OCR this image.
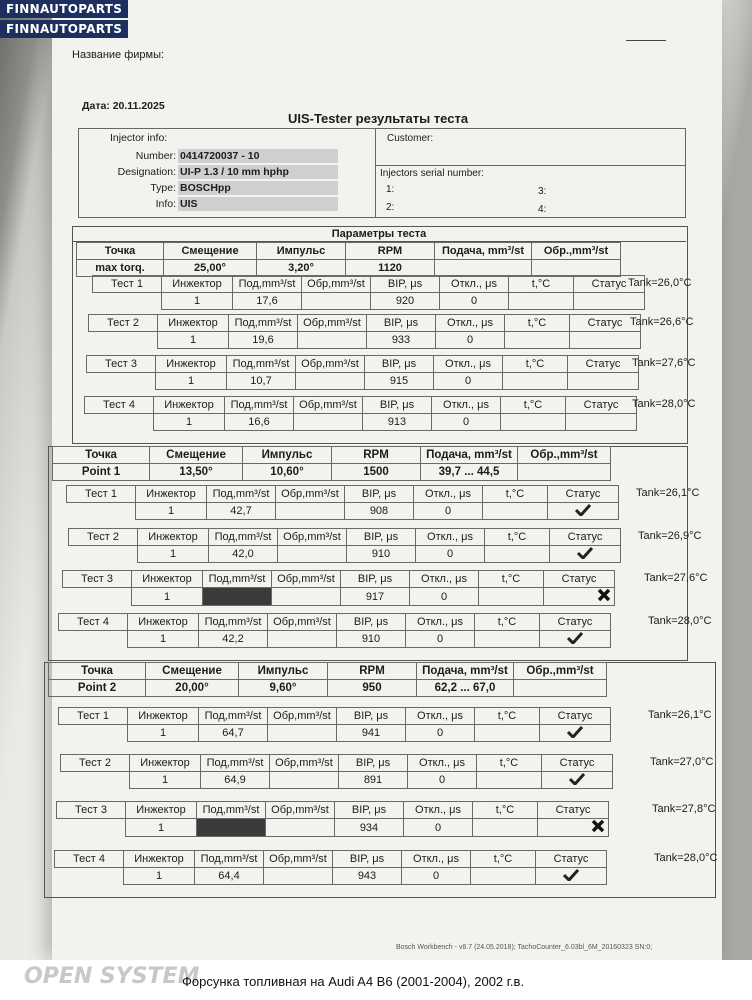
Название фирмы:
Дата: 20.11.2025
UIS-Tester результаты теста
Injector info:
Number: 0414720037 - 10
Designation: UI-P 1.3 / 10 mm hphp
Type: BOSCHpp
Info: UIS
Customer:
Injectors serial number:
1:
2:
3:
4:
Параметры теста
Точка	Смещение	Импульс	RPM	Подача, mm³/st	Обр.,mm³/st
max torq.	25,00°	3,20°	1120		
Тест 1	Инжектор	Под,mm³/st	Обр,mm³/st	BIP, μs	Откл., μs	t,°C	Статус
	1	17,6		920	0		
Tank=26,0°C
Тест 2	Инжектор	Под,mm³/st	Обр,mm³/st	BIP, μs	Откл., μs	t,°C	Статус
	1	19,6		933	0		
Tank=26,6°C
Тест 3	Инжектор	Под,mm³/st	Обр,mm³/st	BIP, μs	Откл., μs	t,°C	Статус
	1	10,7		915	0		
Tank=27,6°C
Тест 4	Инжектор	Под,mm³/st	Обр,mm³/st	BIP, μs	Откл., μs	t,°C	Статус
	1	16,6		913	0		
Tank=28,0°C
Точка	Смещение	Импульс	RPM	Подача, mm³/st	Обр.,mm³/st
Point 1	13,50°	10,60°	1500	39,7 ... 44,5	
Тест 1	Инжектор	Под,mm³/st	Обр,mm³/st	BIP, μs	Откл., μs	t,°C	Статус
	1	42,7		908	0		
Tank=26,1°C
Тест 2	Инжектор	Под,mm³/st	Обр,mm³/st	BIP, μs	Откл., μs	t,°C	Статус
	1	42,0		910	0		
Tank=26,9°C
Тест 3	Инжектор	Под,mm³/st	Обр,mm³/st	BIP, μs	Откл., μs	t,°C	Статус
	1	36,4		917	0		
Tank=27,6°C
Тест 4	Инжектор	Под,mm³/st	Обр,mm³/st	BIP, μs	Откл., μs	t,°C	Статус
	1	42,2		910	0		
Tank=28,0°C
Точка	Смещение	Импульс	RPM	Подача, mm³/st	Обр.,mm³/st
Point 2	20,00°	9,60°	950	62,2 ... 67,0	
Тест 1	Инжектор	Под,mm³/st	Обр,mm³/st	BIP, μs	Откл., μs	t,°C	Статус
	1	64,7		941	0		
Tank=26,1°C
Тест 2	Инжектор	Под,mm³/st	Обр,mm³/st	BIP, μs	Откл., μs	t,°C	Статус
	1	64,9		891	0		
Tank=27,0°C
Тест 3	Инжектор	Под,mm³/st	Обр,mm³/st	BIP, μs	Откл., μs	t,°C	Статус
	1	58,5		934	0		
Tank=27,8°C
Тест 4	Инжектор	Под,mm³/st	Обр,mm³/st	BIP, μs	Откл., μs	t,°C	Статус
	1	64,4		943	0		
Tank=28,0°C
Bosch Workbench - v8.7 (24.05.2018); TachoCounter_6.03bl_6M_20160323 SN:0;
FINNAUTOPARTS
FINNAUTOPARTS
OPEN SYSTEM
Форсунка топливная на Audi A4 B6 (2001-2004), 2002 г.в.
